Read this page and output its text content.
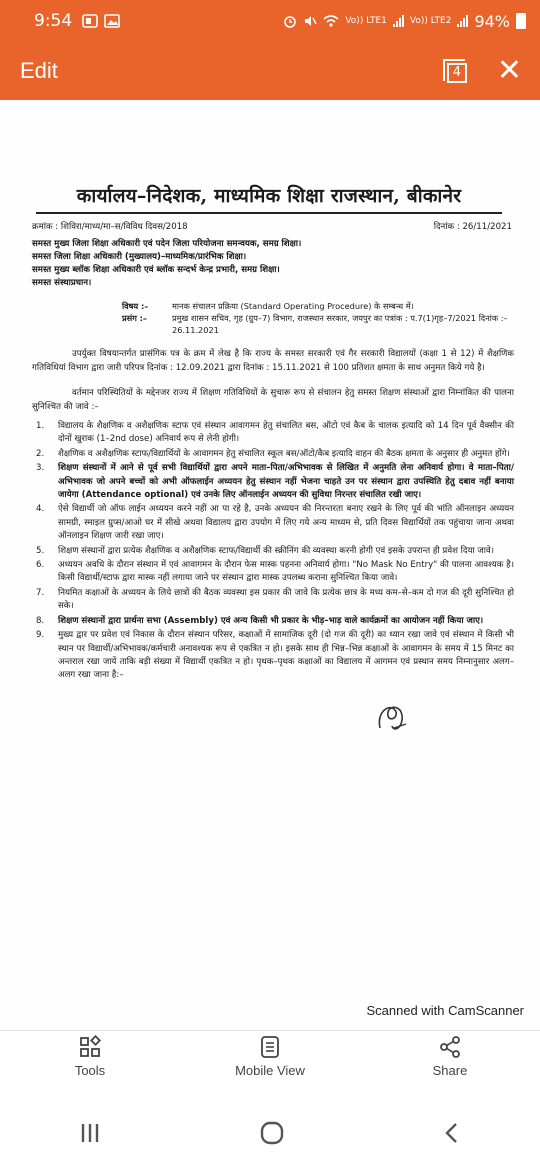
9:54	Vo)) LTE1	Vo)) LTE2 94%
Edit	4 ✕
कार्यालय–निदेशक, माध्यमिक शिक्षा राजस्थान, बीकानेर
क्रमांक : शिविरा/माध्य/मा–स/विविध दिवस/2018	दिनांक : 26/11/2021
समस्त मुख्य जिला शिक्षा अधिकारी एवं पदेन जिला परियोजना समन्वयक, समग्र शिक्षा।
समस्त जिला शिक्षा अधिकारी (मुख्यालय)–माध्यमिक/प्रारंभिक शिक्षा।
समस्त मुख्य ब्लॉक शिक्षा अधिकारी एवं ब्लॉक सन्दर्भ केन्द्र प्रभारी, समग्र शिक्षा।
समस्त संस्थाप्रधान।
विषय :–	मानक संचालन प्रक्रिया (Standard Operating Procedure) के सम्बन्ध में।
प्रसंग :–	प्रमुख शासन सचिव, गृह (ग्रुप–7) विभाग, राजस्थान सरकार, जयपुर का पत्रांक : प.7(1)गृह–7/2021 दिनांक :– 26.11.2021

उपर्युक्त विषयान्तर्गत प्रासंगिक पत्र के क्रम में लेख है कि राज्य के समस्त सरकारी एवं गैर सरकारी विद्यालयों (कक्षा 1 से 12) में शैक्षणिक गतिविधियां विभाग द्वारा जारी परिपत्र दिनांक : 12.09.2021 द्वारा दिनांक : 15.11.2021 से 100 प्रतिशत क्षमता के साथ अनुमत किये गये है।

वर्तमान परिस्थितियों के मद्देनजर राज्य में शिक्षण गतिविधियों के सुचारू रूप से संचालन हेतु समस्त शिक्षण संस्थाओं द्वारा निम्नांकित की पालना सुनिश्चित की जावे :–

1.	विद्यालय के शैक्षणिक व अशैक्षणिक स्टाफ एवं संस्थान आवागमन हेतु संचालित बस, ऑटो एवं कैब के चालक इत्यादि को 14 दिन पूर्व वैक्सीन की दोनों खुराक (1–2nd dose) अनिवार्य रूप से लेनी होगी।
2.	शैक्षणिक व अशैक्षणिक स्टाफ/विद्यार्थियों के आवागमन हेतु संचालित स्कूल बस/ऑटो/कैब इत्यादि वाहन की बैठक क्षमता के अनुसार ही अनुमत होंगे।
3.	शिक्षण संस्थानों में आने से पूर्व सभी विद्यार्थियों द्वारा अपने माता–पिता/अभिभावक से लिखित में अनुमति लेना अनिवार्य होगा। वे माता–पिता/अभिभावक जो अपने बच्चों को अभी ऑफलाईन अध्ययन हेतु संस्थान नहीं भेजना चाहते उन पर संस्थान द्वारा उपस्थिति हेतु दबाव नहीं बनाया जायेगा (Attendance optional) एवं उनके लिए ऑनलाईन अध्ययन की सुविधा निरन्तर संचालित रखी जाए।
4.	ऐसे विद्यार्थी जो ऑफ लाईन अध्ययन करने नहीं आ पा रहे है, उनके अध्ययन की निरन्तरता बनाए रखने के लिए पूर्व की भांति ऑनलाइन अध्ययन सामग्री, स्माइल ग्रुप्स/आओ घर में सीखे अथवा विद्यालय द्वारा उपयोग में लिए गये अन्य माध्यम से, प्रति दिवस विद्यार्थियों तक पहुंचाया जाना अथवा ऑनलाइन शिक्षण जारी रखा जाए।
5.	शिक्षण संस्थानों द्वारा प्रत्येक शैक्षणिक व अशैक्षणिक स्टाफ/विद्यार्थी की स्क्रीनिंग की व्यवस्था करनी होगी एवं इसके उपरान्त ही प्रवेश दिया जावे।
6.	अध्ययन अवधि के दौरान संस्थान में एवं आवागमन के दौरान फेस मास्क पहनना अनिवार्य होगा। "No Mask No Entry" की पालना आवश्यक है। किसी विद्यार्थी/स्टाफ द्वारा मास्क नहीं लगाया जाने पर संस्थान द्वारा मास्क उपलब्ध कराना सुनिश्चित किया जावे।
7.	नियमित कक्षाओं के अध्ययन के लिये छात्रों की बैठक व्यवस्था इस प्रकार की जावे कि प्रत्येक छात्र के मध्य कम–से–कम दो गज की दूरी सुनिश्चित हो सके।
8.	शिक्षण संस्थानों द्वारा प्रार्थना सभा (Assembly) एवं अन्य किसी भी प्रकार के भीड़–भाड़ वाले कार्यक्रमों का आयोजन नहीं किया जाए।
9.	मुख्य द्वार पर प्रवेश एवं निकास के दौरान संस्थान परिसर, कक्षाओं में सामाजिक दूरी (दो गज की दूरी) का ध्यान रखा जावे एवं संस्थान में किसी भी स्थान पर विद्यार्थी/अभिभावक/कर्मचारी अनावश्यक रूप से एकत्रित न हो। इसके साथ ही भिन्न–भिन्न कक्षाओं के आवागमन के समय में 15 मिनट का अन्तराल रखा जायें ताकि बड़ी संख्या में विद्यार्थी एकत्रित न हो। पृथक–पृथक कक्षाओं का विद्यालय में आगमन एवं प्रस्थान समय निम्नानुसार अलग–अलग रखा जाना है:–
Scanned with CamScanner
Tools	Mobile View	Share
